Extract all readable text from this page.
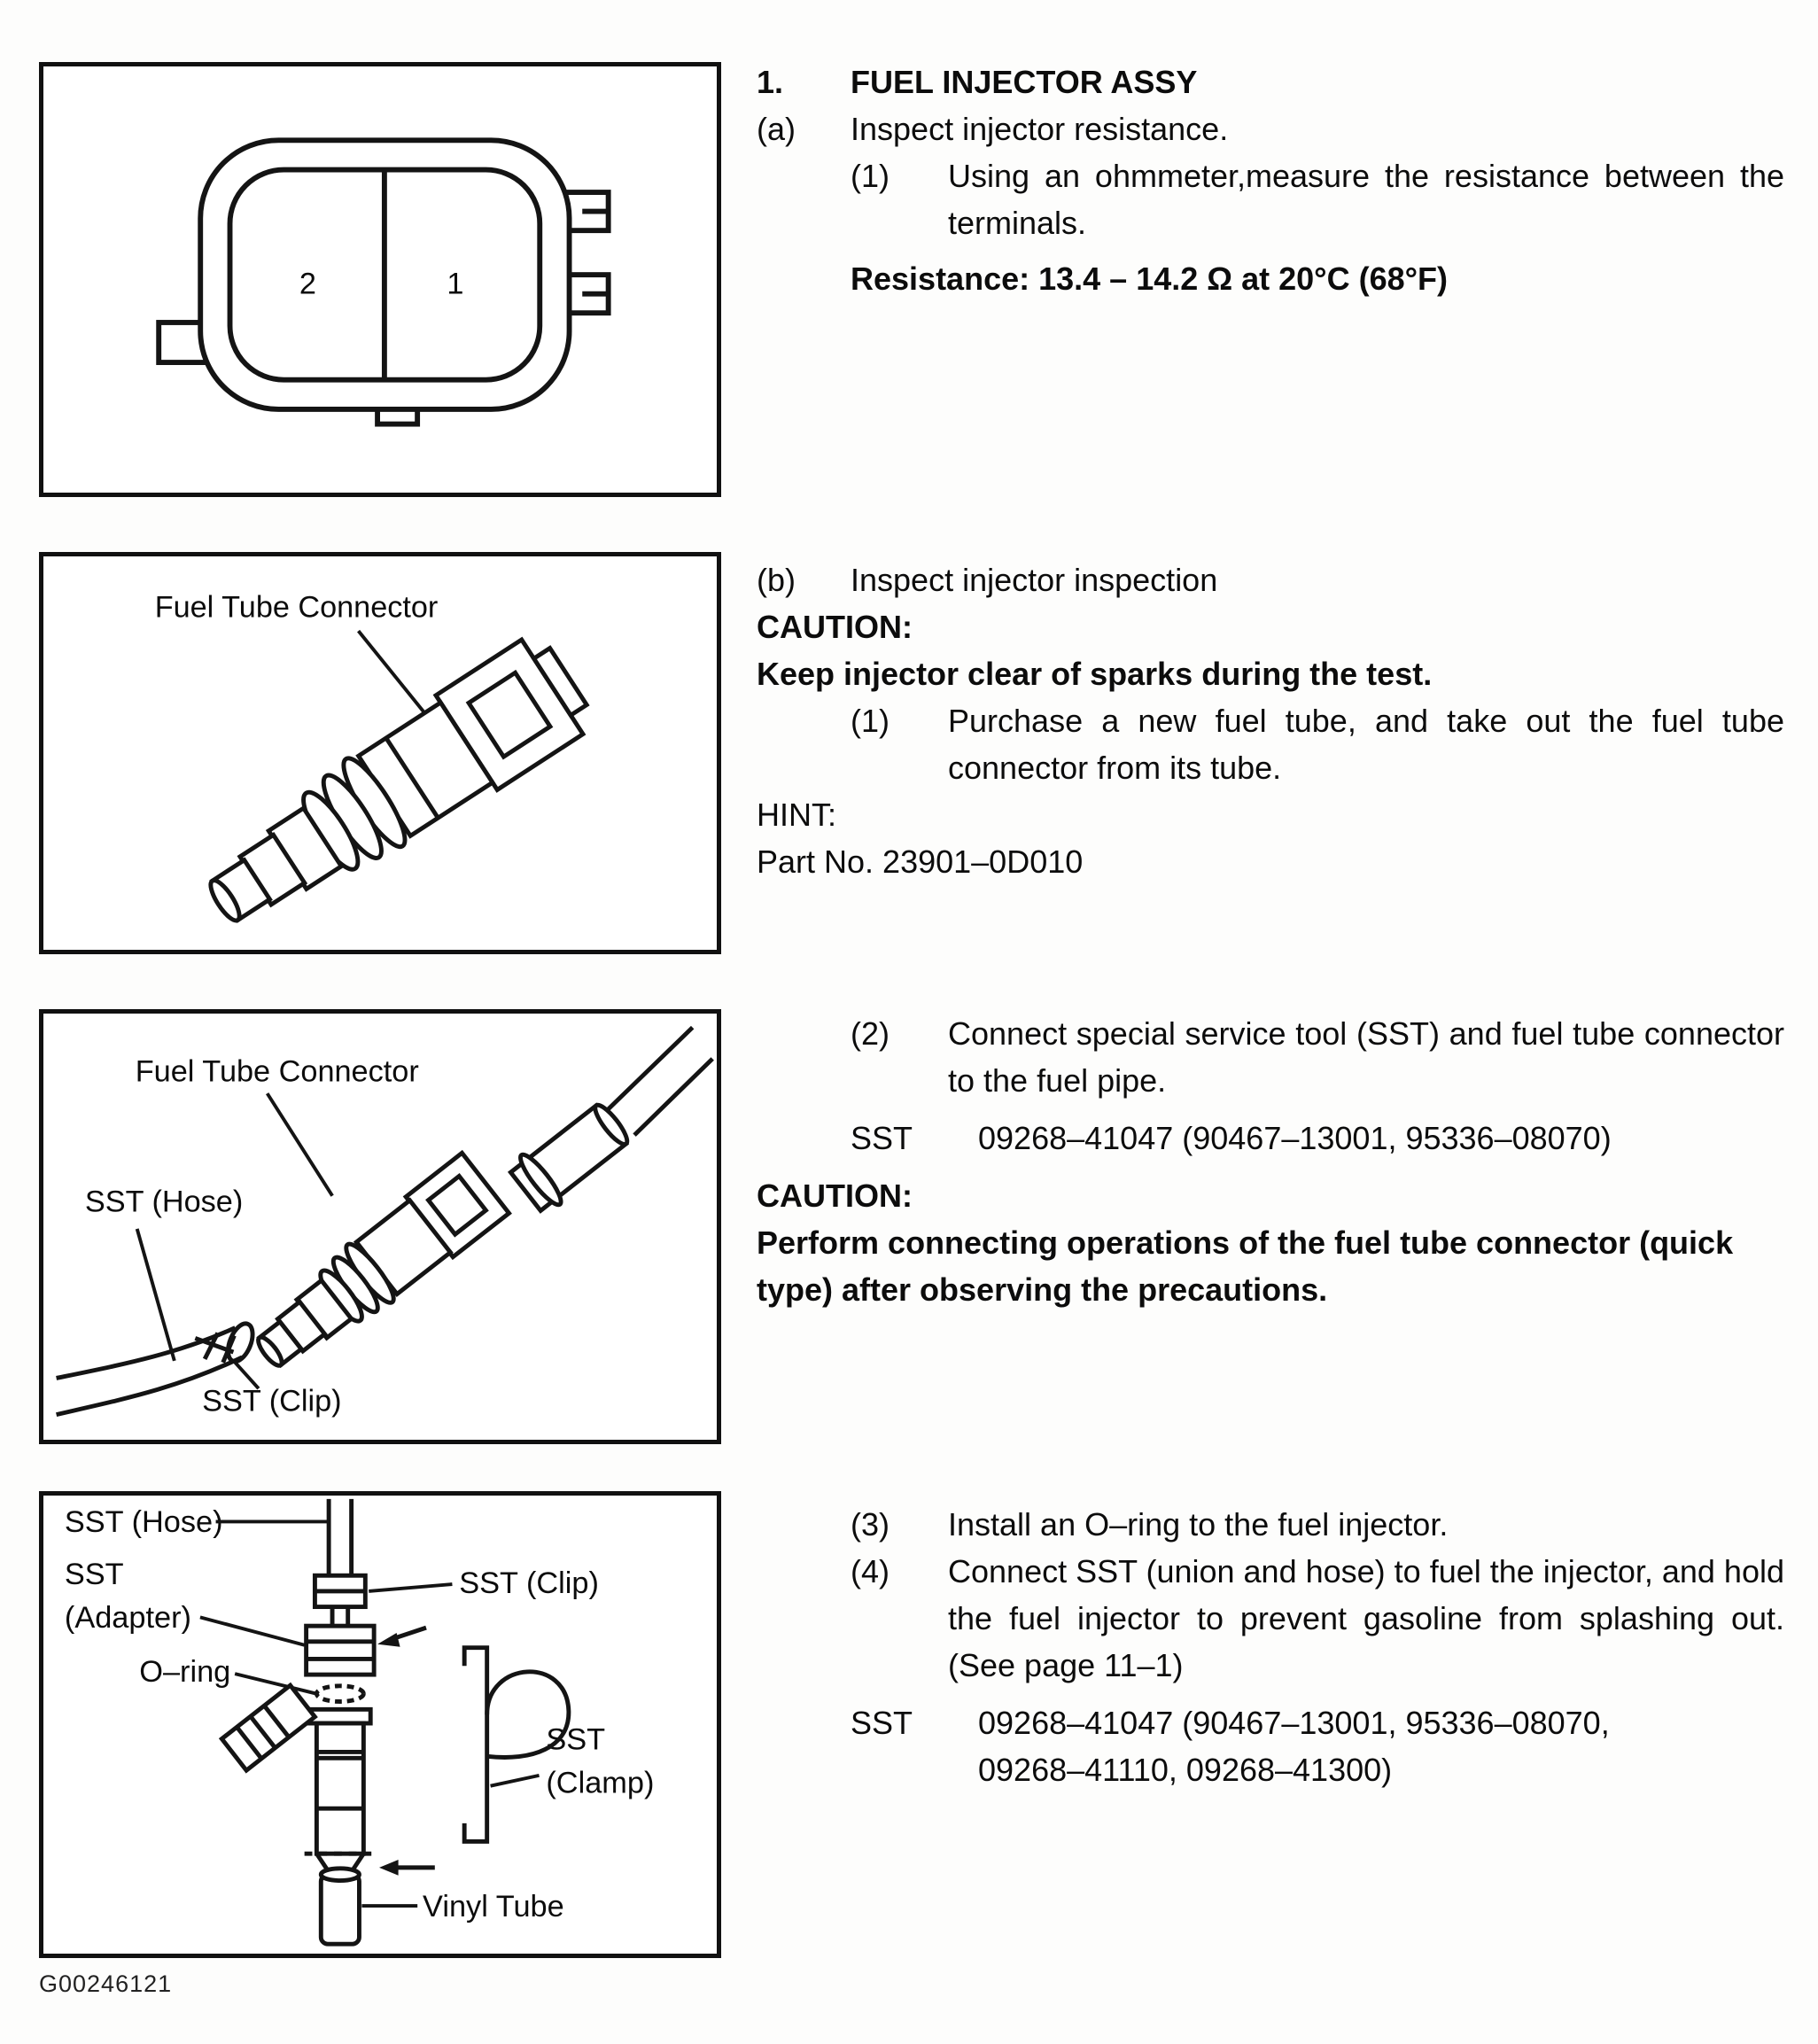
2	1
Fuel Tube Connector
Fuel Tube Connector
SST (Hose)
SST (Clip)
SST (Hose)
SST
(Adapter)
O–ring
SST (Clip)
SST
(Clamp)
Vinyl Tube
G00246121
1.	FUEL INJECTOR ASSY
(a)	Inspect injector resistance.
(1)	Using an ohmmeter,measure the resistance between the terminals.
Resistance: 13.4 – 14.2 Ω at 20°C (68°F)
(b)	Inspect injector inspection
CAUTION:
Keep injector clear of sparks during the test.
(1)	Purchase a new fuel tube, and take out the fuel tube connector from its tube.
HINT:
Part No. 23901–0D010
(2)	Connect special service tool (SST) and fuel tube connector to the fuel pipe.
SST	09268–41047 (90467–13001, 95336–08070)
CAUTION:
Perform connecting operations of the fuel tube connector (quick type) after observing the precautions.
(3)	Install an O–ring to the fuel injector.
(4)	Connect SST (union and hose) to fuel the injector, and hold the fuel injector to prevent gasoline from splashing out. (See page 11–1)
SST	09268–41047 (90467–13001, 95336–08070,
09268–41110, 09268–41300)
